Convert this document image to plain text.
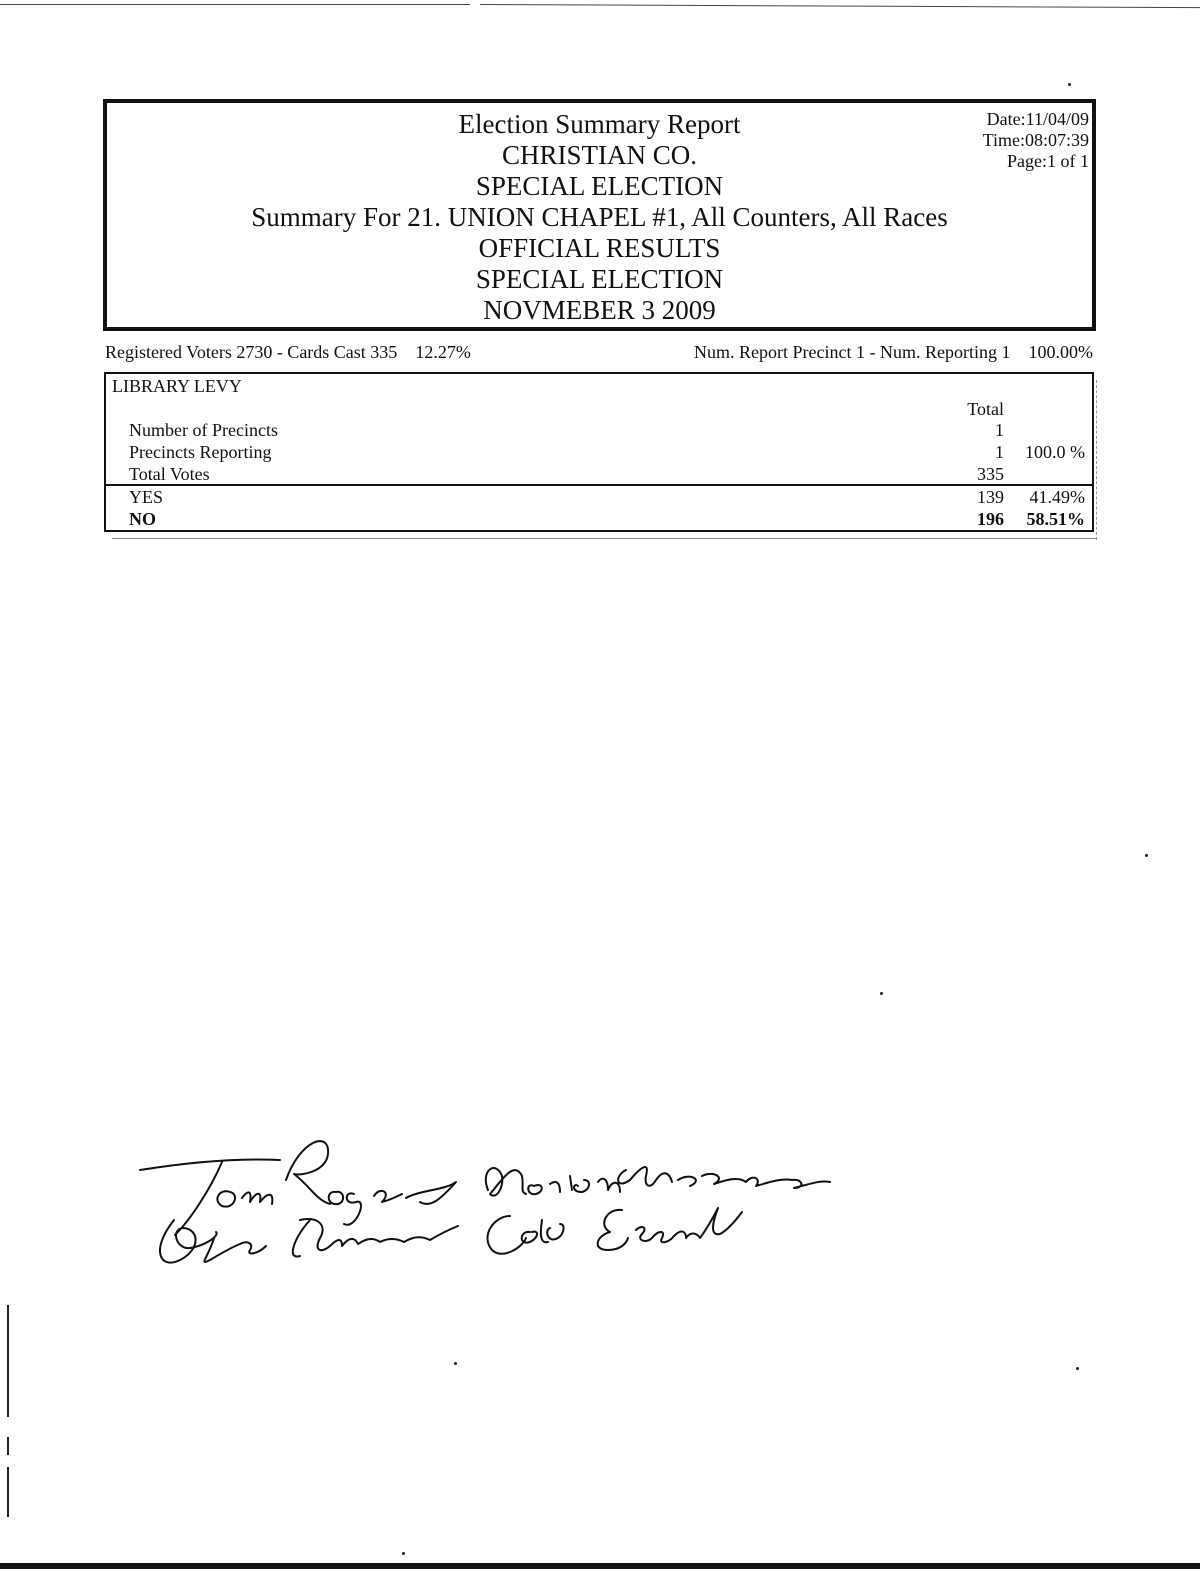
Election Summary Report
CHRISTIAN CO.
SPECIAL ELECTION
Summary For 21. UNION CHAPEL #1, All Counters, All Races
OFFICIAL RESULTS
SPECIAL ELECTION
NOVMEBER 3 2009
Date:11/04/09
Time:08:07:39
Page:1 of 1
Registered Voters 2730 - Cards Cast 335 12.27%	Num. Report Precinct 1 - Num. Reporting 1 100.00%
LIBRARY LEVY
Total
Number of Precincts	1
Precincts Reporting	1 100.0 %
Total Votes	335
YES	139 41.49%
NO	196 58.51%
